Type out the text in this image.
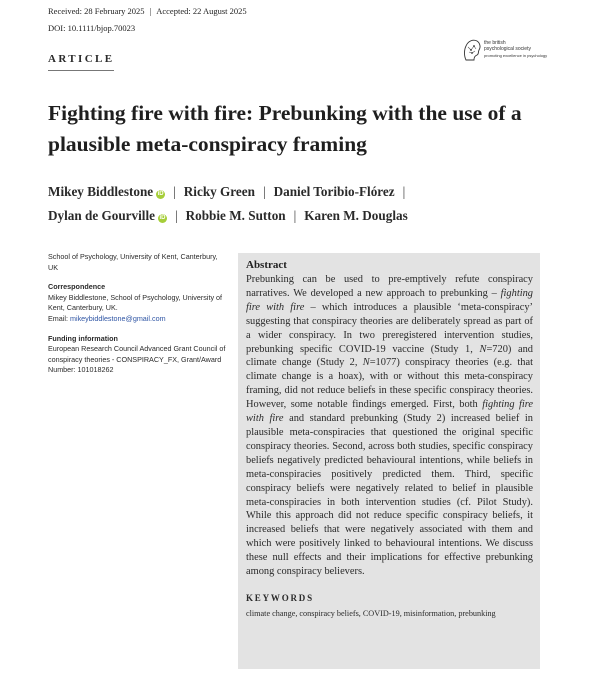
Received: 28 February 2025 | Accepted: 22 August 2025
DOI: 10.1111/bjop.70023
ARTICLE
the british
psychological society
promoting excellence in psychology
Fighting fire with fire: Prebunking with the use of a plausible meta-conspiracy framing
Mikey Biddlestone iD | Ricky Green | Daniel Toribio-Flórez |
Dylan de Gourville iD | Robbie M. Sutton | Karen M. Douglas
School of Psychology, University of Kent, Canterbury, UK
Correspondence
Mikey Biddlestone, School of Psychology, University of Kent, Canterbury, UK.
Email: mikeybiddlestone@gmail.com
Funding information
European Research Council Advanced Grant Council of conspiracy theories - CONSPIRACY_FX, Grant/Award Number: 101018262
Abstract

Prebunking can be used to pre-emptively refute conspiracy narratives. We developed a new approach to prebunking – fighting fire with fire – which introduces a plausible ‘meta-conspiracy’ suggesting that conspiracy theories are deliberately spread as part of a wider conspiracy. In two preregistered intervention studies, prebunking specific COVID-19 vaccine (Study 1, N=720) and climate change (Study 2, N=1077) conspiracy theories (e.g. that climate change is a hoax), with or without this meta-conspiracy framing, did not reduce beliefs in these specific conspiracy theories. However, some notable findings emerged. First, both fighting fire with fire and standard prebunking (Study 2) increased belief in plausible meta-conspiracies that questioned the original specific conspiracy theories. Second, across both studies, specific conspiracy beliefs negatively predicted behavioural intentions, while beliefs in meta-conspiracies positively predicted them. Third, specific conspiracy beliefs were negatively related to belief in plausible meta-conspiracies in both intervention studies (cf. Pilot Study). While this approach did not reduce specific conspiracy beliefs, it increased beliefs that were negatively associated with them and which were positively linked to behavioural intentions. We discuss these null effects and their implications for effective prebunking among conspiracy believers.

KEYWORDS
climate change, conspiracy beliefs, COVID-19, misinformation, prebunking
